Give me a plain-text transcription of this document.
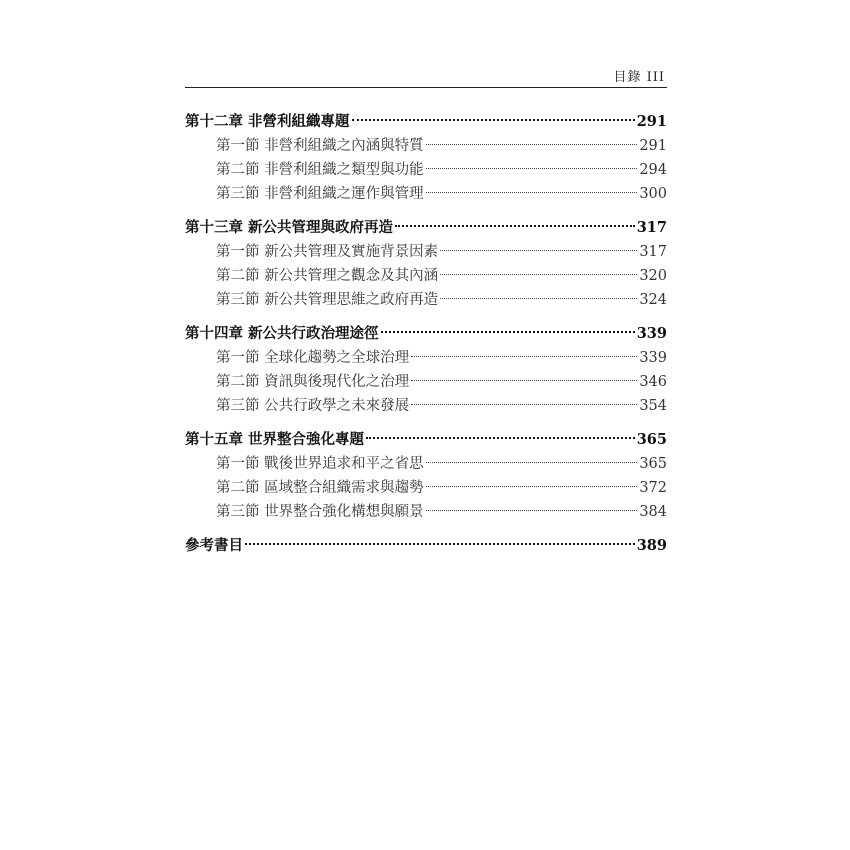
目錄 III
第十二章 非營利組織專題	291
第一節 非營利組織之內涵與特質	291
第二節 非營利組織之類型與功能	294
第三節 非營利組織之運作與管理	300
第十三章 新公共管理與政府再造	317
第一節 新公共管理及實施背景因素	317
第二節 新公共管理之觀念及其內涵	320
第三節 新公共管理思維之政府再造	324
第十四章 新公共行政治理途徑	339
第一節 全球化趨勢之全球治理	339
第二節 資訊與後現代化之治理	346
第三節 公共行政學之未來發展	354
第十五章 世界整合強化專題	365
第一節 戰後世界追求和平之省思	365
第二節 區域整合組織需求與趨勢	372
第三節 世界整合強化構想與願景	384
參考書目	389
